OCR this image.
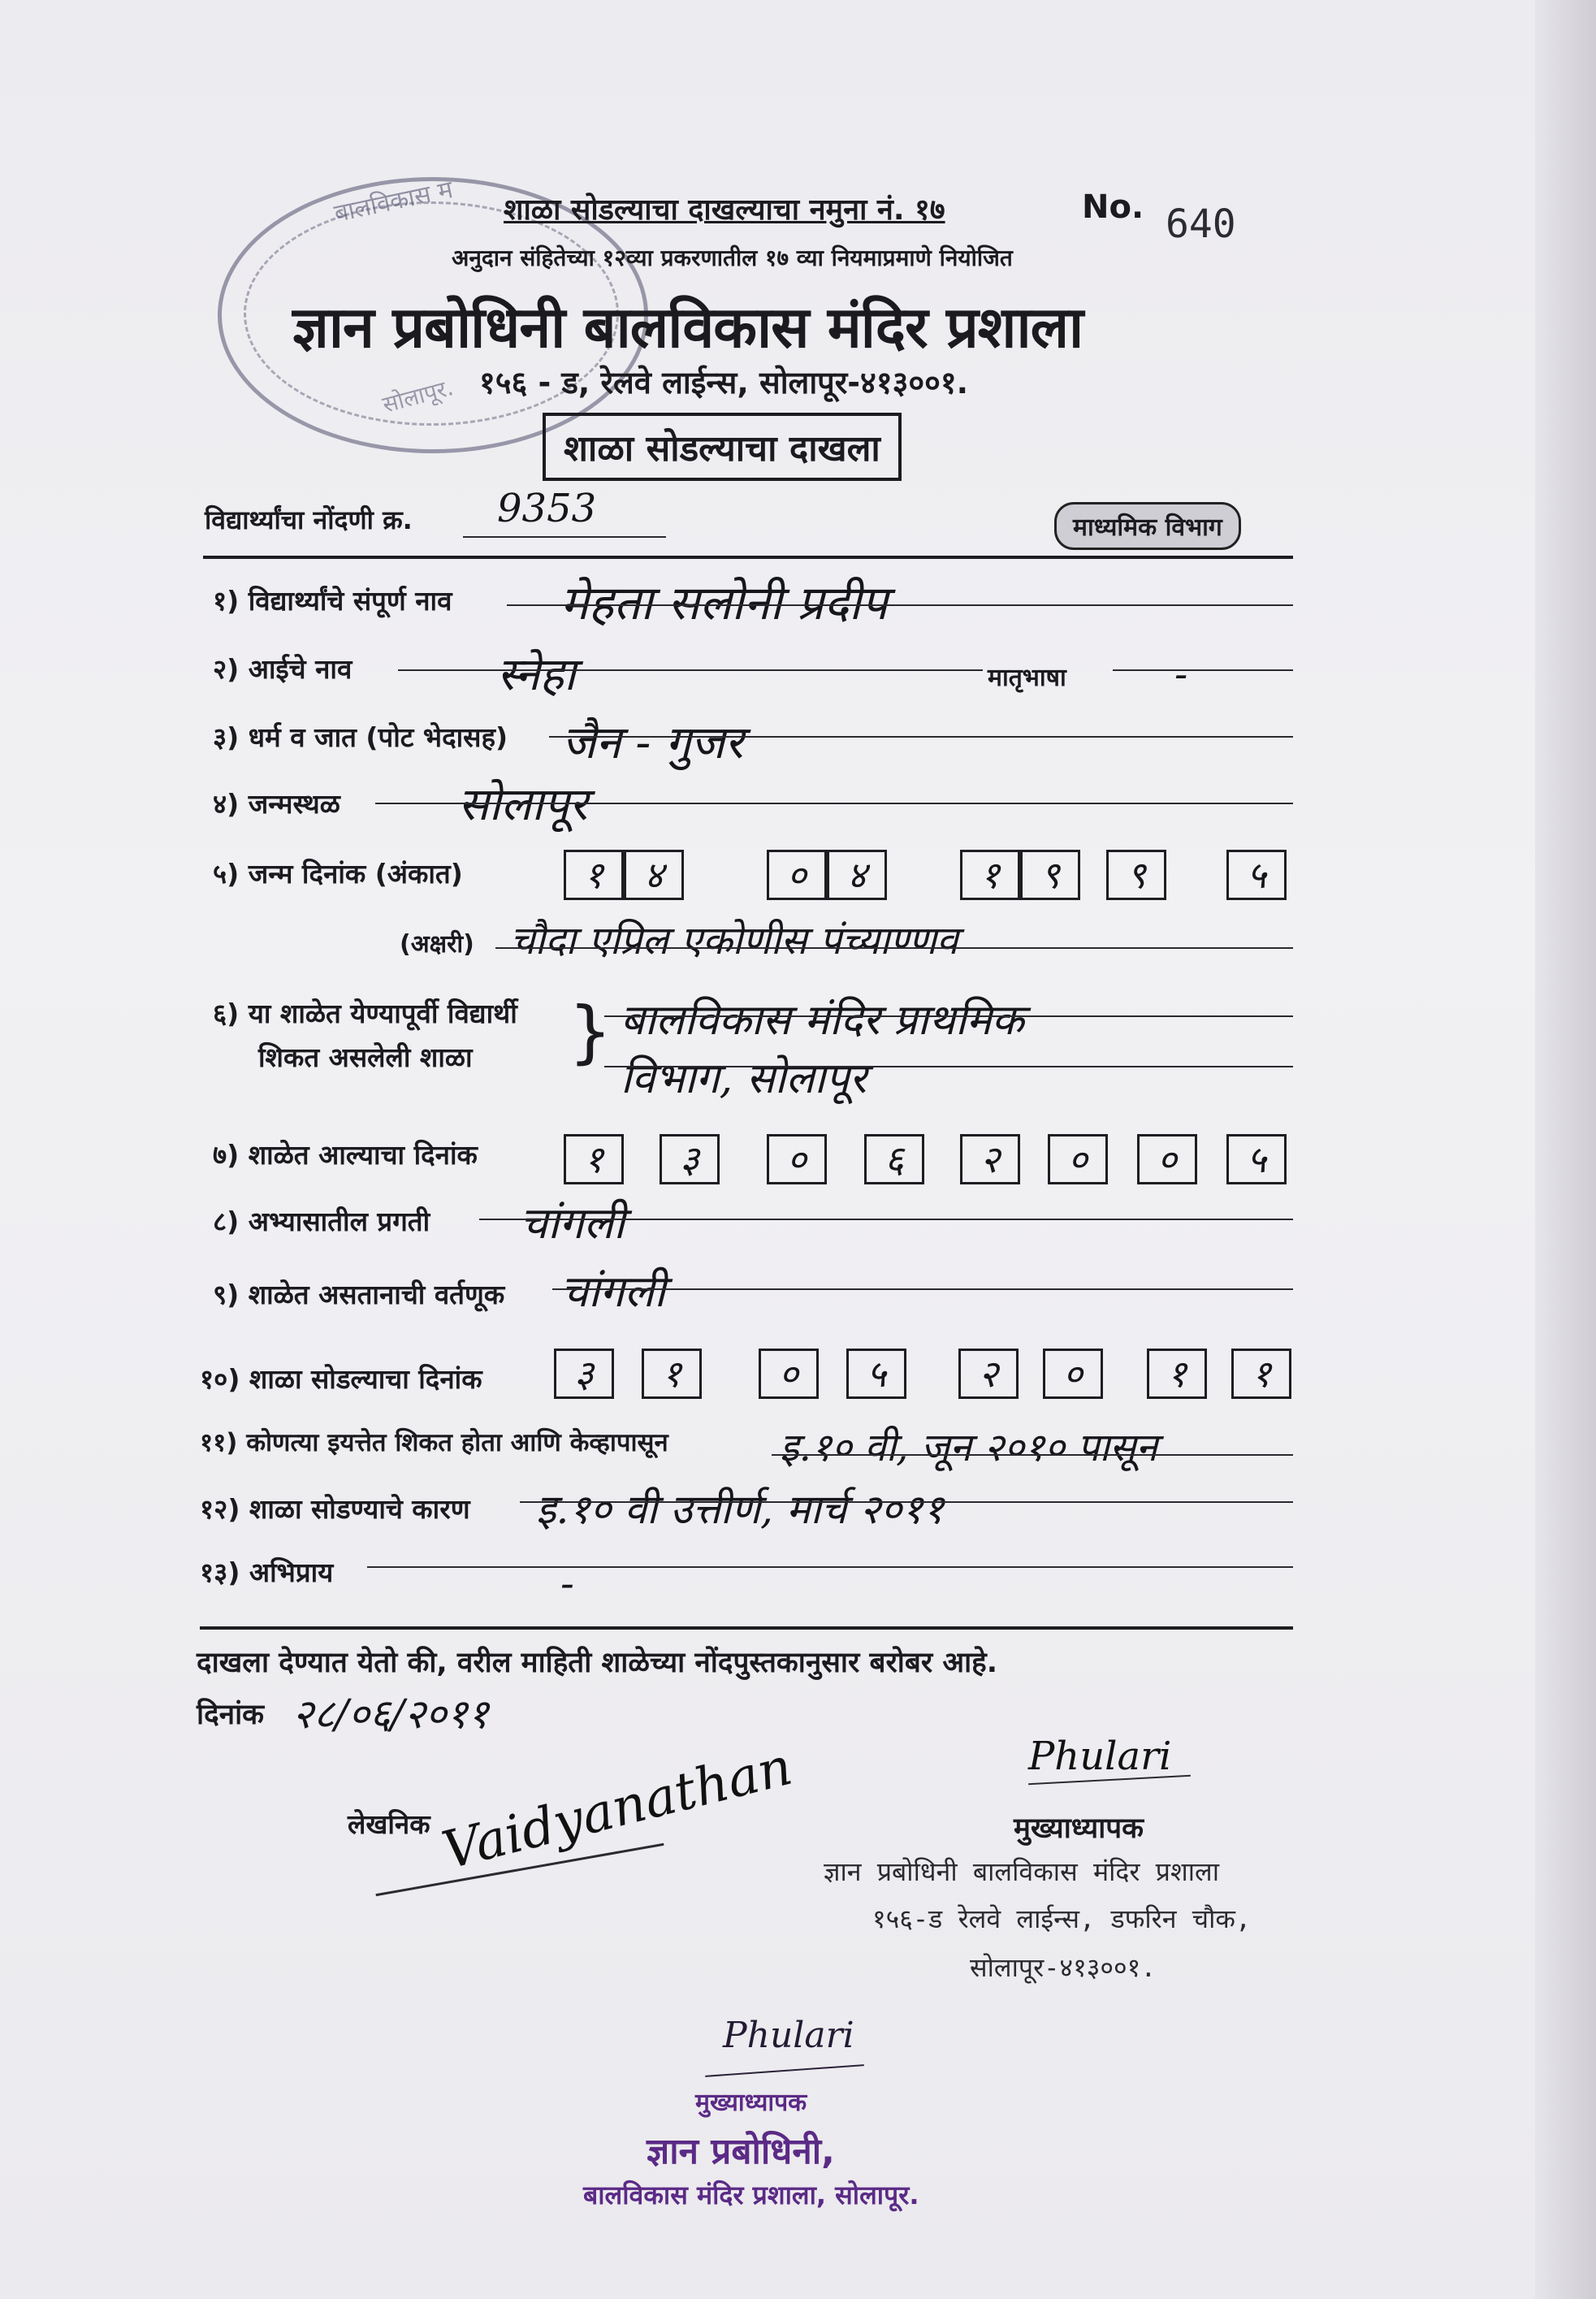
बालविकास म
सोलापूर.
शाळा सोडल्याचा दाखल्याचा नमुना नं. १७	No. 640
अनुदान संहितेच्या १२व्या प्रकरणातील १७ व्या नियमाप्रमाणे नियोजित
ज्ञान प्रबोधिनी बालविकास मंदिर प्रशाला
१५६ - ड, रेलवे लाईन्स, सोलापूर-४१३००१.
शाळा सोडल्याचा दाखला
विद्यार्थ्यांचा नोंदणी क्र. 9353	माध्यमिक विभाग
१) विद्यार्थ्यांचे संपूर्ण नाव मेहता सलोनी प्रदीप
२) आईचे नाव	स्नेहा	मातृभाषा	-
३) धर्म व जात (पोट भेदासह) जैन - गुजर
४) जन्मस्थळ	सोलापूर
५) जन्म दिनांक (अंकात)	१	४	०	४	१	९	९	५
(अक्षरी) चौदा एप्रिल एकोणीस पंच्याण्णव
६) या शाळेत येण्यापूर्वी विद्यार्थी
शिकत असलेली शाळा } बालविकास मंदिर प्राथमिक
विभाग, सोलापूर
७) शाळेत आल्याचा दिनांक	१	३	०	६	२	०	०	५
८) अभ्यासातील प्रगती चांगली
९) शाळेत असतानाची वर्तणूक चांगली
१०) शाळा सोडल्याचा दिनांक	३	१	०	५	२	०	१	१
११) कोणत्या इयत्तेत शिकत होता आणि केव्हापासून	इ.१० वी, जून २०१० पासून
१२) शाळा सोडण्याचे कारण इ.१० वी उत्तीर्ण, मार्च २०११
१३) अभिप्राय	-
दाखला देण्यात येतो की, वरील माहिती शाळेच्या नोंदपुस्तकानुसार बरोबर आहे.
दिनांक २८/०६/२०११
लेखनिक Vaidyanathan	Phulari
मुख्याध्यापक
ज्ञान प्रबोधिनी बालविकास मंदिर प्रशाला
१५६-ड रेलवे लाईन्स, डफरिन चौक,
सोलापूर-४१३००१.
Phulari
मुख्याध्यापक
ज्ञान प्रबोधिनी,
बालविकास मंदिर प्रशाला, सोलापूर.
